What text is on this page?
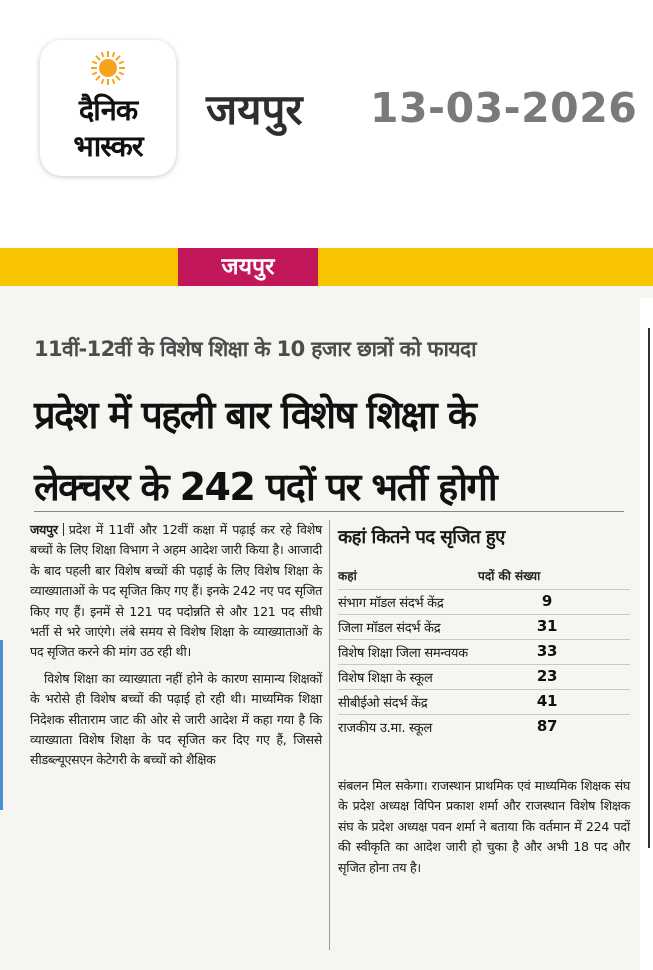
दैनिक
भास्कर
जयपुर 13-03-2026
जयपुर
11वीं-12वीं के विशेष शिक्षा के 10 हजार छात्रों को फायदा
प्रदेश में पहली बार विशेष शिक्षा के
लेक्चरर के 242 पदों पर भर्ती होगी

जयपुर प्रदेश में 11वीं और 12वीं कक्षा में पढ़ाई कर रहे विशेष बच्चों के लिए शिक्षा विभाग ने अहम आदेश जारी किया है। आजादी के बाद पहली बार विशेष बच्चों की पढ़ाई के लिए विशेष शिक्षा के व्याख्याताओं के पद सृजित किए गए हैं। इनके 242 नए पद सृजित किए गए हैं। इनमें से 121 पद पदोन्नति से और 121 पद सीधी भर्ती से भरे जाएंगे। लंबे समय से विशेष शिक्षा के व्याख्याताओं के पद सृजित करने की मांग उठ रही थी।

विशेष शिक्षा का व्याख्याता नहीं होने के कारण सामान्य शिक्षकों के भरोसे ही विशेष बच्चों की पढ़ाई हो रही थी। माध्यमिक शिक्षा निदेशक सीताराम जाट की ओर से जारी आदेश में कहा गया है कि व्याख्याता विशेष शिक्षा के पद सृजित कर दिए गए हैं, जिससे सीडब्ल्यूएसएन केटेगरी के बच्चों को शैक्षिक

कहां कितने पद सृजित हुए
कहां	पदों की संख्या
संभाग मॉडल संदर्भ केंद्र	9
जिला मॉडल संदर्भ केंद्र	31
विशेष शिक्षा जिला समन्वयक	33
विशेष शिक्षा के स्कूल	23
सीबीईओ संदर्भ केंद्र	41
राजकीय उ.मा. स्कूल	87

संबलन मिल सकेगा। राजस्थान प्राथमिक एवं माध्यमिक शिक्षक संघ के प्रदेश अध्यक्ष विपिन प्रकाश शर्मा और राजस्थान विशेष शिक्षक संघ के प्रदेश अध्यक्ष पवन शर्मा ने बताया कि वर्तमान में 224 पदों की स्वीकृति का आदेश जारी हो चुका है और अभी 18 पद और सृजित होना तय है।
